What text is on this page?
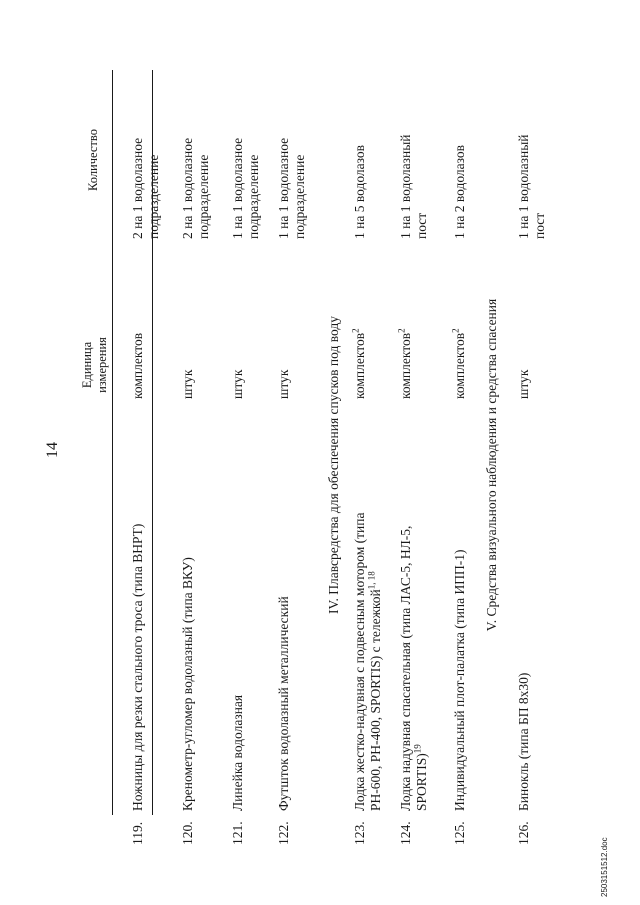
14
Единица измерения
Количество
119.
Ножницы для резки стального троса (типа ВНРТ)
комплектов
2 на 1 водолазное подразделение
120.
Кренометр-угломер водолазный (типа ВКУ)
штук
2 на 1 водолазное подразделение
121.
Линейка водолазная
штук
1 на 1 водолазное подразделение
122.
Футшток водолазный металлический
штук
1 на 1 водолазное подразделение
IV. Плавсредства для обеспечения спусков под воду
123.
Лодка жестко-надувная с подвесным мотором (типа РН-600, РН-400, SPORTIS) с тележкой$^{1, 18}$
комплектов$^2$
1 на 5 водолазов
124.
Лодка надувная спасательная (типа ЛАС-5, НЛ-5, SPORTIS)$^{19}$
комплектов$^2$
1 на 1 водолазный пост
125.
Индивидуальный плот-палатка (типа ИПП-1)
комплектов$^2$
1 на 2 водолазов
V. Средства визуального наблюдения и средства спасения
126.
Бинокль (типа БП 8х30)
штук
1 на 1 водолазный пост
2503151512.doc
